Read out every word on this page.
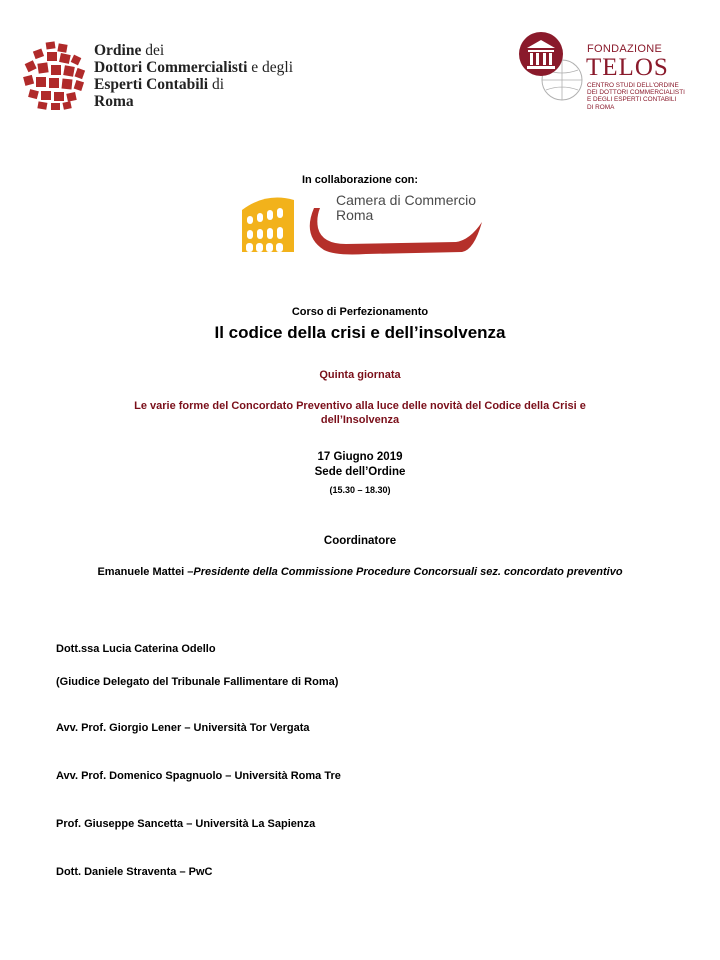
Ordine dei
Dottori Commercialisti e degli
Esperti Contabili di
Roma
FONDAZIONE
TELOS
CENTRO STUDI DELL'ORDINE
DEI DOTTORI COMMERCIALISTI
E DEGLI ESPERTI CONTABILI
DI ROMA
In collaborazione con:
Camera di Commercio
Roma
Corso di Perfezionamento
Il codice della crisi e dell’insolvenza
Quinta giornata
Le varie forme del Concordato Preventivo alla luce delle novità del Codice della Crisi e dell’Insolvenza
17 Giugno 2019
Sede dell’Ordine
(15.30 – 18.30)
Coordinatore
Emanuele Mattei –Presidente della Commissione Procedure Concorsuali sez. concordato preventivo
Dott.ssa Lucia Caterina Odello
(Giudice Delegato del Tribunale Fallimentare di Roma)
Avv. Prof. Giorgio Lener – Università Tor Vergata
Avv. Prof. Domenico Spagnuolo – Università Roma Tre
Prof. Giuseppe Sancetta – Università La Sapienza
Dott. Daniele Straventa – PwC
